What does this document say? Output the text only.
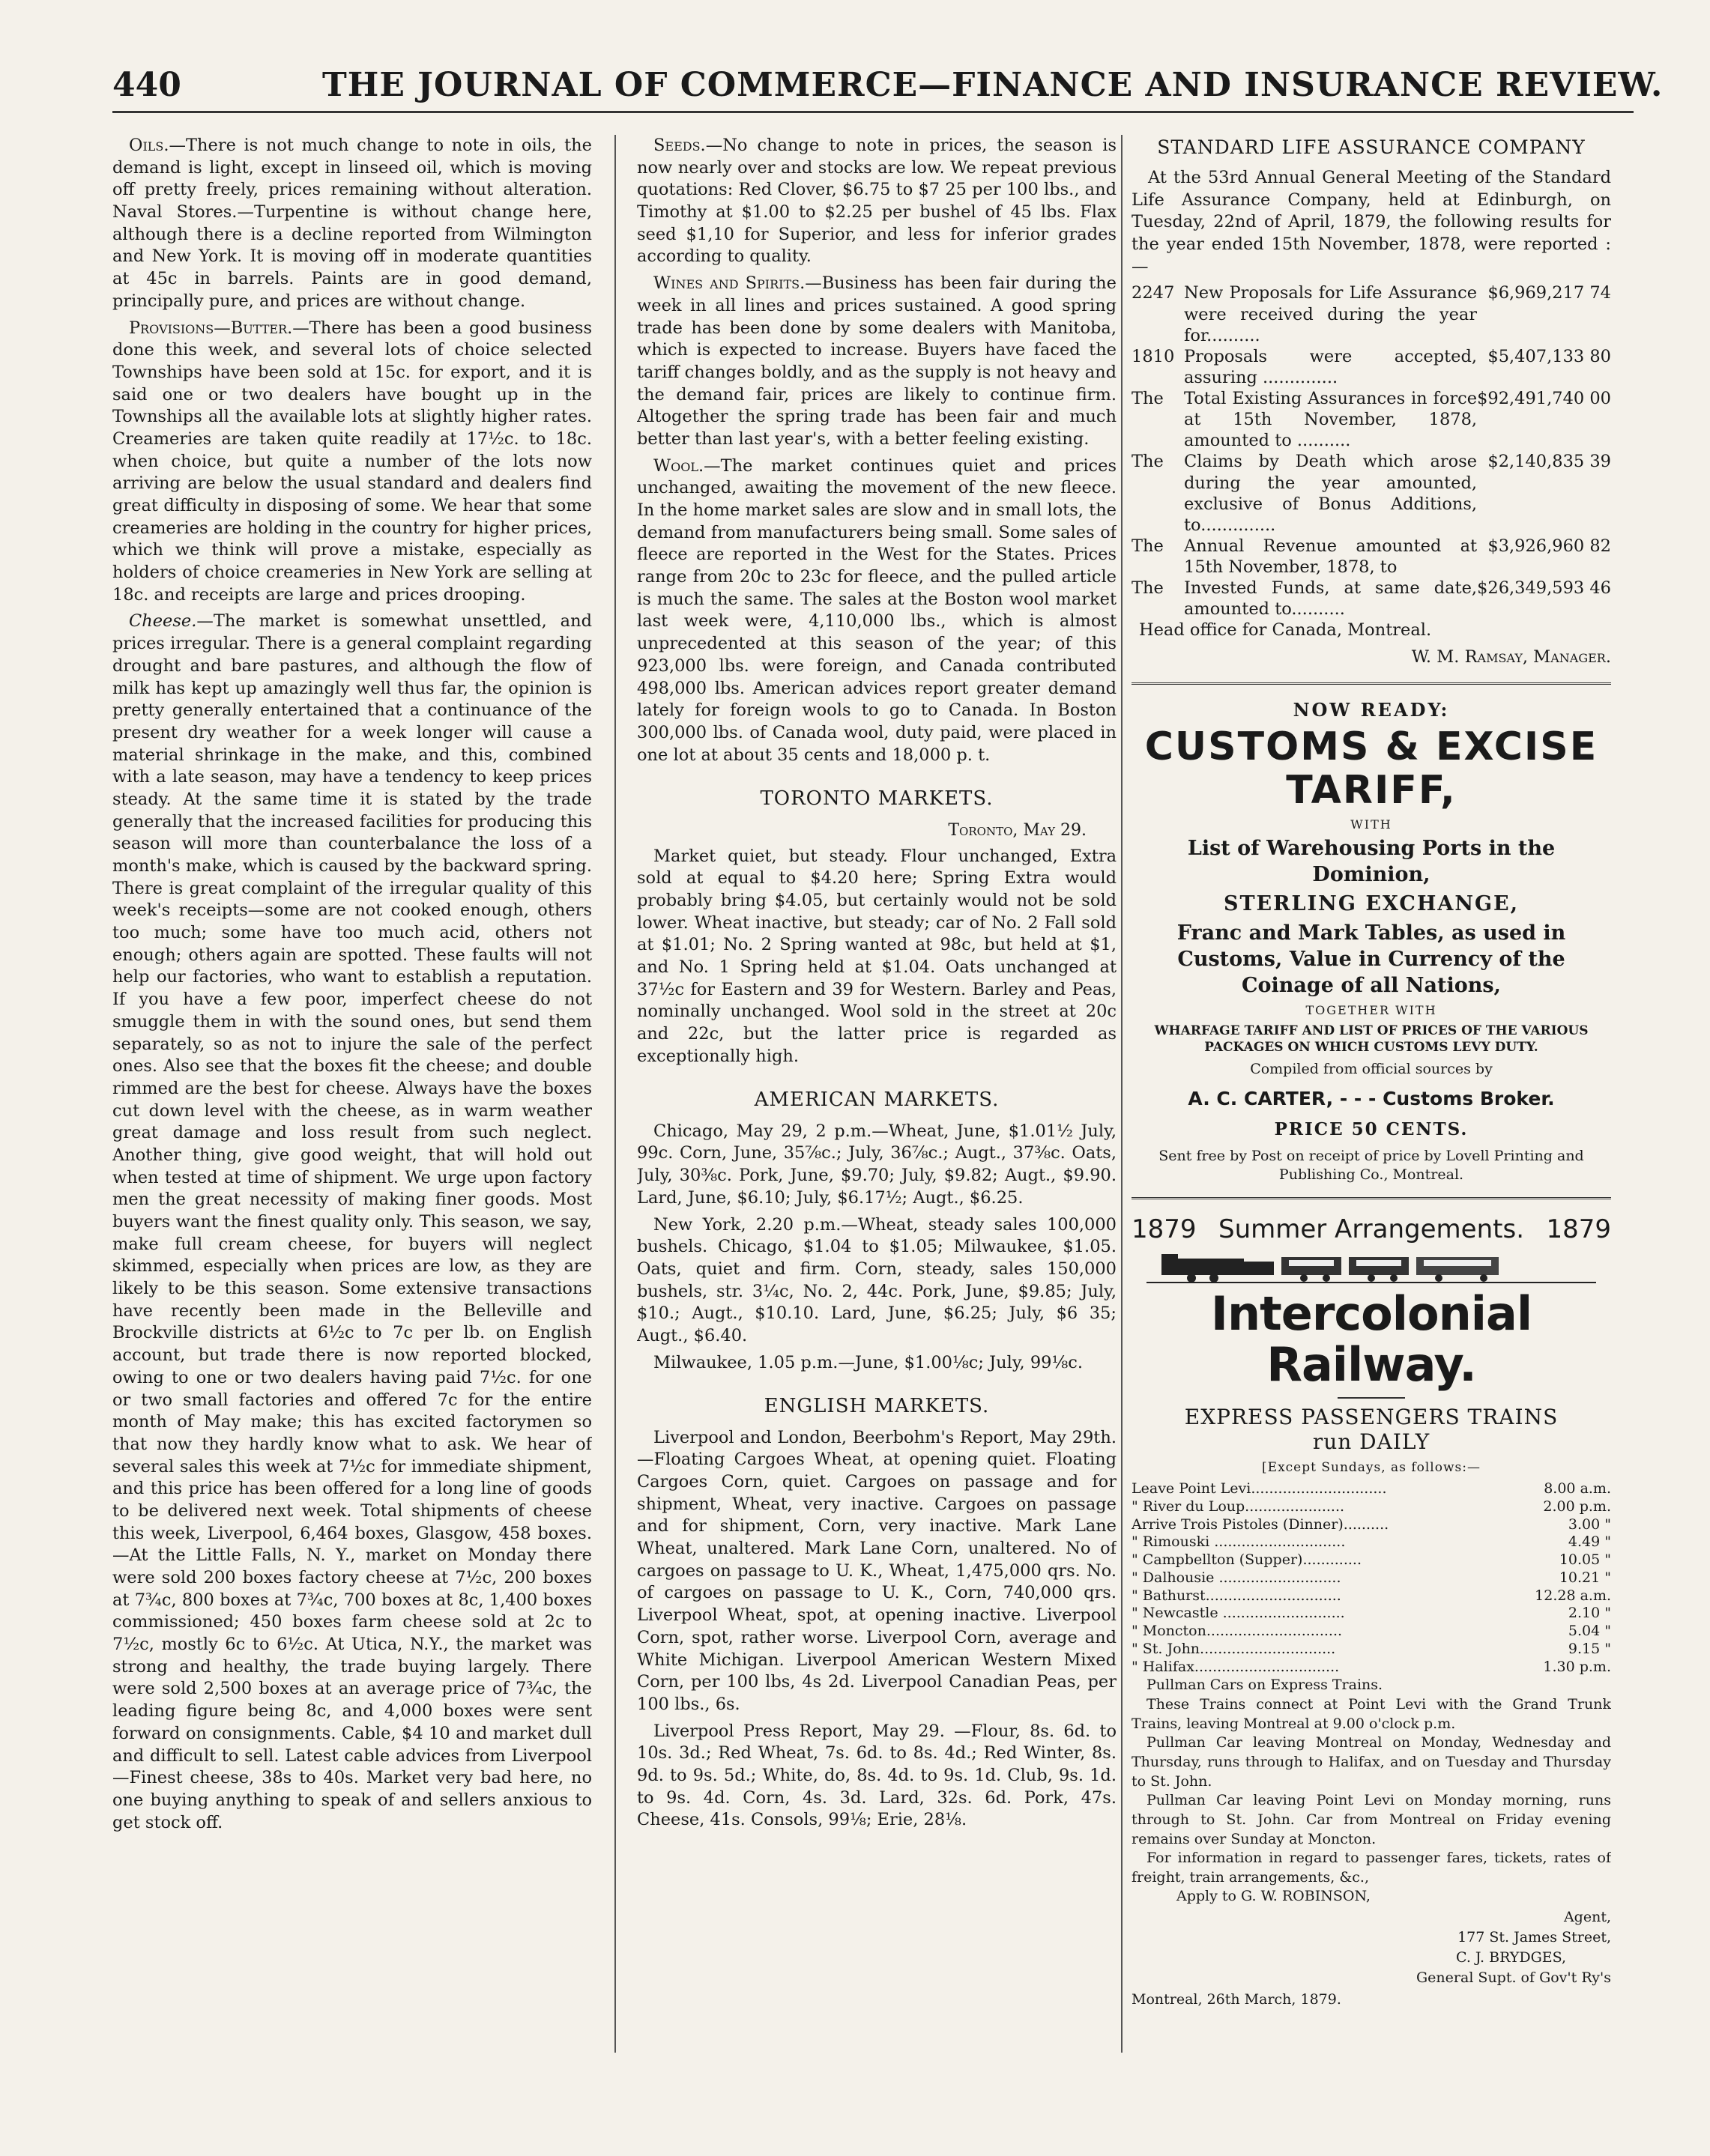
440	THE JOURNAL OF COMMERCE—FINANCE AND INSURANCE REVIEW.

Oils.—There is not much change to note in oils, the demand is light, except in linseed oil, which is moving off pretty freely, prices remaining without alteration. Naval Stores.—Turpentine is without change here, although there is a decline reported from Wilmington and New York. It is moving off in moderate quantities at 45c in barrels. Paints are in good demand, principally pure, and prices are without change.

Provisions—Butter.—There has been a good business done this week, and several lots of choice selected Townships have been sold at 15c. for export, and it is said one or two dealers have bought up in the Townships all the available lots at slightly higher rates. Creameries are taken quite readily at 17½c. to 18c. when choice, but quite a number of the lots now arriving are below the usual standard and dealers find great difficulty in disposing of some. We hear that some creameries are holding in the country for higher prices, which we think will prove a mistake, especially as holders of choice creameries in New York are selling at 18c. and receipts are large and prices drooping.

Cheese.—The market is somewhat unsettled, and prices irregular. There is a general complaint regarding drought and bare pastures, and although the flow of milk has kept up amazingly well thus far, the opinion is pretty generally entertained that a continuance of the present dry weather for a week longer will cause a material shrinkage in the make, and this, combined with a late season, may have a tendency to keep prices steady. At the same time it is stated by the trade generally that the increased facilities for producing this season will more than counterbalance the loss of a month's make, which is caused by the backward spring. There is great complaint of the irregular quality of this week's receipts—some are not cooked enough, others too much; some have too much acid, others not enough; others again are spotted. These faults will not help our factories, who want to establish a reputation. If you have a few poor, imperfect cheese do not smuggle them in with the sound ones, but send them separately, so as not to injure the sale of the perfect ones. Also see that the boxes fit the cheese; and double rimmed are the best for cheese. Always have the boxes cut down level with the cheese, as in warm weather great damage and loss result from such neglect. Another thing, give good weight, that will hold out when tested at time of shipment. We urge upon factory men the great necessity of making finer goods. Most buyers want the finest quality only. This season, we say, make full cream cheese, for buyers will neglect skimmed, especially when prices are low, as they are likely to be this season. Some extensive transactions have recently been made in the Belleville and Brockville districts at 6½c to 7c per lb. on English account, but trade there is now reported blocked, owing to one or two dealers having paid 7½c. for one or two small factories and offered 7c for the entire month of May make; this has excited factorymen so that now they hardly know what to ask. We hear of several sales this week at 7½c for immediate shipment, and this price has been offered for a long line of goods to be delivered next week. Total shipments of cheese this week, Liverpool, 6,464 boxes, Glasgow, 458 boxes.—At the Little Falls, N. Y., market on Monday there were sold 200 boxes factory cheese at 7½c, 200 boxes at 7¾c, 800 boxes at 7¾c, 700 boxes at 8c, 1,400 boxes commissioned; 450 boxes farm cheese sold at 2c to 7½c, mostly 6c to 6½c. At Utica, N.Y., the market was strong and healthy, the trade buying largely. There were sold 2,500 boxes at an average price of 7¾c, the leading figure being 8c, and 4,000 boxes were sent forward on consignments. Cable, $4 10 and market dull and difficult to sell. Latest cable advices from Liverpool—Finest cheese, 38s to 40s. Market very bad here, no one buying anything to speak of and sellers anxious to get stock off.

Seeds.—No change to note in prices, the season is now nearly over and stocks are low. We repeat previous quotations: Red Clover, $6.75 to $7 25 per 100 lbs., and Timothy at $1.00 to $2.25 per bushel of 45 lbs. Flax seed $1,10 for Superior, and less for inferior grades according to quality.

Wines and Spirits.—Business has been fair during the week in all lines and prices sustained. A good spring trade has been done by some dealers with Manitoba, which is expected to increase. Buyers have faced the tariff changes boldly, and as the supply is not heavy and the demand fair, prices are likely to continue firm. Altogether the spring trade has been fair and much better than last year's, with a better feeling existing.

Wool.—The market continues quiet and prices unchanged, awaiting the movement of the new fleece. In the home market sales are slow and in small lots, the demand from manufacturers being small. Some sales of fleece are reported in the West for the States. Prices range from 20c to 23c for fleece, and the pulled article is much the same. The sales at the Boston wool market last week were, 4,110,000 lbs., which is almost unprecedented at this season of the year; of this 923,000 lbs. were foreign, and Canada contributed 498,000 lbs. American advices report greater demand lately for foreign wools to go to Canada. In Boston 300,000 lbs. of Canada wool, duty paid, were placed in one lot at about 35 cents and 18,000 p. t.

TORONTO MARKETS.
Toronto, May 29.

Market quiet, but steady. Flour unchanged, Extra sold at equal to $4.20 here; Spring Extra would probably bring $4.05, but certainly would not be sold lower. Wheat inactive, but steady; car of No. 2 Fall sold at $1.01; No. 2 Spring wanted at 98c, but held at $1, and No. 1 Spring held at $1.04. Oats unchanged at 37½c for Eastern and 39 for Western. Barley and Peas, nominally unchanged. Wool sold in the street at 20c and 22c, but the latter price is regarded as exceptionally high.

AMERICAN MARKETS.

Chicago, May 29, 2 p.m.—Wheat, June, $1.01½ July, 99c. Corn, June, 35⅞c.; July, 36⅞c.; Augt., 37⅜c. Oats, July, 30⅜c. Pork, June, $9.70; July, $9.82; Augt., $9.90. Lard, June, $6.10; July, $6.17½; Augt., $6.25.

New York, 2.20 p.m.—Wheat, steady sales 100,000 bushels. Chicago, $1.04 to $1.05; Milwaukee, $1.05. Oats, quiet and firm. Corn, steady, sales 150,000 bushels, str. 3¼c, No. 2, 44c. Pork, June, $9.85; July, $10.; Augt., $10.10. Lard, June, $6.25; July, $6 35; Augt., $6.40.

Milwaukee, 1.05 p.m.—June, $1.00⅛c; July, 99⅛c.

ENGLISH MARKETS.

Liverpool and London, Beerbohm's Report, May 29th. —Floating Cargoes Wheat, at opening quiet. Floating Cargoes Corn, quiet. Cargoes on passage and for shipment, Wheat, very inactive. Cargoes on passage and for shipment, Corn, very inactive. Mark Lane Wheat, unaltered. Mark Lane Corn, unaltered. No of cargoes on passage to U. K., Wheat, 1,475,000 qrs. No. of cargoes on passage to U. K., Corn, 740,000 qrs. Liverpool Wheat, spot, at opening inactive. Liverpool Corn, spot, rather worse. Liverpool Corn, average and White Michigan. Liverpool American Western Mixed Corn, per 100 lbs, 4s 2d. Liverpool Canadian Peas, per 100 lbs., 6s.

Liverpool Press Report, May 29. —Flour, 8s. 6d. to 10s. 3d.; Red Wheat, 7s. 6d. to 8s. 4d.; Red Winter, 8s. 9d. to 9s. 5d.; White, do, 8s. 4d. to 9s. 1d. Club, 9s. 1d. to 9s. 4d. Corn, 4s. 3d. Lard, 32s. 6d. Pork, 47s. Cheese, 41s. Consols, 99⅛; Erie, 28⅛.

STANDARD LIFE ASSURANCE COMPANY

At the 53rd Annual General Meeting of the Standard Life Assurance Company, held at Edinburgh, on Tuesday, 22nd of April, 1879, the following results for the year ended 15th November, 1878, were reported :—

2247	New Proposals for Life Assurance were received during the year for..........	$6,969,217 74
1810	Proposals were accepted, assuring ..............	$5,407,133 80
The	Total Existing Assurances in force at 15th November, 1878, amounted to ..........	$92,491,740 00
The	Claims by Death which arose during the year amounted, exclusive of Bonus Additions, to..............	$2,140,835 39
The	Annual Revenue amounted at 15th November, 1878, to	$3,926,960 82
The	Invested Funds, at same date, amounted to..........	$26,349,593 46

Head office for Canada, Montreal.

W. M. Ramsay, Manager.
NOW READY:
CUSTOMS & EXCISE TARIFF,
WITH
List of Warehousing Ports in the Dominion,
STERLING EXCHANGE,
Franc and Mark Tables, as used in Customs, Value in Currency of the Coinage of all Nations,
TOGETHER WITH
WHARFAGE TARIFF AND LIST OF PRICES OF THE VARIOUS PACKAGES ON WHICH CUSTOMS LEVY DUTY.
Compiled from official sources by
A. C. CARTER, - - - Customs Broker.
PRICE 50 CENTS.
Sent free by Post on receipt of price by Lovell Printing and Publishing Co., Montreal.
1879 Summer Arrangements. 1879
Intercolonial Railway.
EXPRESS PASSENGERS TRAINS
run DAILY
[Except Sundays, as follows:—
Leave Point Levi..............................	8.00 a.m.
" River du Loup......................	2.00 p.m.
Arrive Trois Pistoles (Dinner)..........	3.00 "
" Rimouski .............................	4.49 "
" Campbellton (Supper).............	10.05 "
" Dalhousie ...........................	10.21 "
" Bathurst..............................	12.28 a.m.
" Newcastle ...........................	2.10 "
" Moncton..............................	5.04 "
" St. John..............................	9.15 "
" Halifax................................	1.30 p.m.

Pullman Cars on Express Trains.

These Trains connect at Point Levi with the Grand Trunk Trains, leaving Montreal at 9.00 o'clock p.m.

Pullman Car leaving Montreal on Monday, Wednesday and Thursday, runs through to Halifax, and on Tuesday and Thursday to St. John.

Pullman Car leaving Point Levi on Monday morning, runs through to St. John. Car from Montreal on Friday evening remains over Sunday at Moncton.

For information in regard to passenger fares, tickets, rates of freight, train arrangements, &c.,

Apply to G. W. ROBINSON,

Agent,
177 St. James Street,
C. J. BRYDGES,
General Supt. of Gov't Ry's
Montreal, 26th March, 1879.
